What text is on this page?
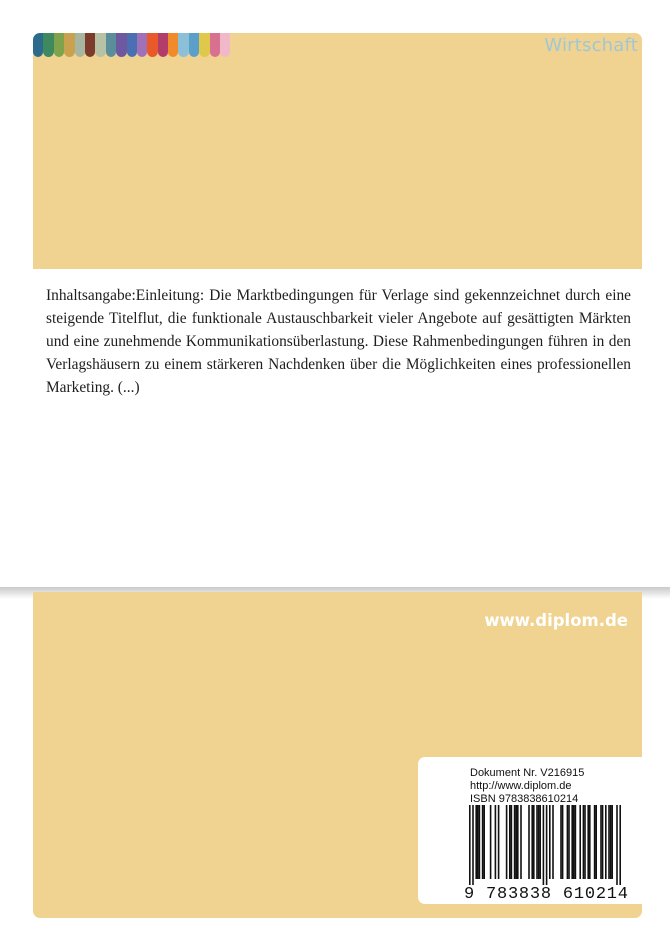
Wirtschaft

Inhaltsangabe:Einleitung: Die Marktbedingungen für Verlage sind gekennzeichnet durch eine steigende Titelflut, die funktionale Austauschbarkeit vieler Angebote auf gesättigten Märkten und eine zunehmende Kommunikationsüberlastung. Diese Rahmenbedingungen führen in den Verlagshäusern zu einem stärkeren Nachdenken über die Möglichkeiten eines professionellen Marketing. (...)

www.diplom.de
Dokument Nr. V216915
http://www.diplom.de
ISBN 9783838610214
9 783838 610214
